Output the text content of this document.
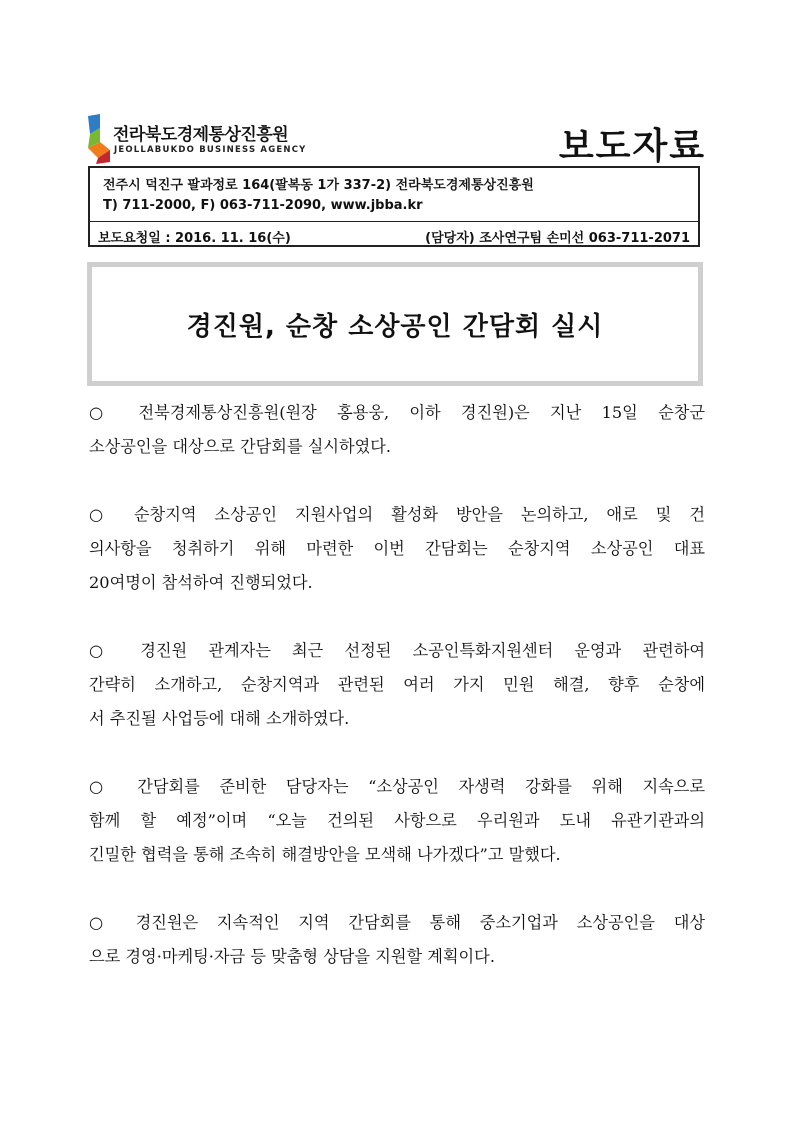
전라북도경제통상진흥원
JEOLLABUKDO BUSINESS AGENCY	보도자료
전주시 덕진구 팔과정로 164(팔복동 1가 337-2) 전라북도경제통상진흥원
T) 711-2000, F) 063-711-2090, www.jbba.kr
보도요청일 : 2016. 11. 16(수)	(담당자) 조사연구팀 손미선 063-711-2071
경진원, 순창 소상공인 간담회 실시

○ 전북경제통상진흥원(원장 홍용웅, 이하 경진원)은 지난 15일 순창군
소상공인을 대상으로 간담회를 실시하였다.

○ 순창지역 소상공인 지원사업의 활성화 방안을 논의하고, 애로 및 건
의사항을 청취하기 위해 마련한 이번 간담회는 순창지역 소상공인 대표
20여명이 참석하여 진행되었다.

○ 경진원 관계자는 최근 선정된 소공인특화지원센터 운영과 관련하여
간략히 소개하고, 순창지역과 관련된 여러 가지 민원 해결, 향후 순창에
서 추진될 사업등에 대해 소개하였다.

○ 간담회를 준비한 담당자는 “소상공인 자생력 강화를 위해 지속으로
함께 할 예정”이며 “오늘 건의된 사항으로 우리원과 도내 유관기관과의
긴밀한 협력을 통해 조속히 해결방안을 모색해 나가겠다”고 말했다.

○ 경진원은 지속적인 지역 간담회를 통해 중소기업과 소상공인을 대상
으로 경영·마케팅·자금 등 맞춤형 상담을 지원할 계획이다.
